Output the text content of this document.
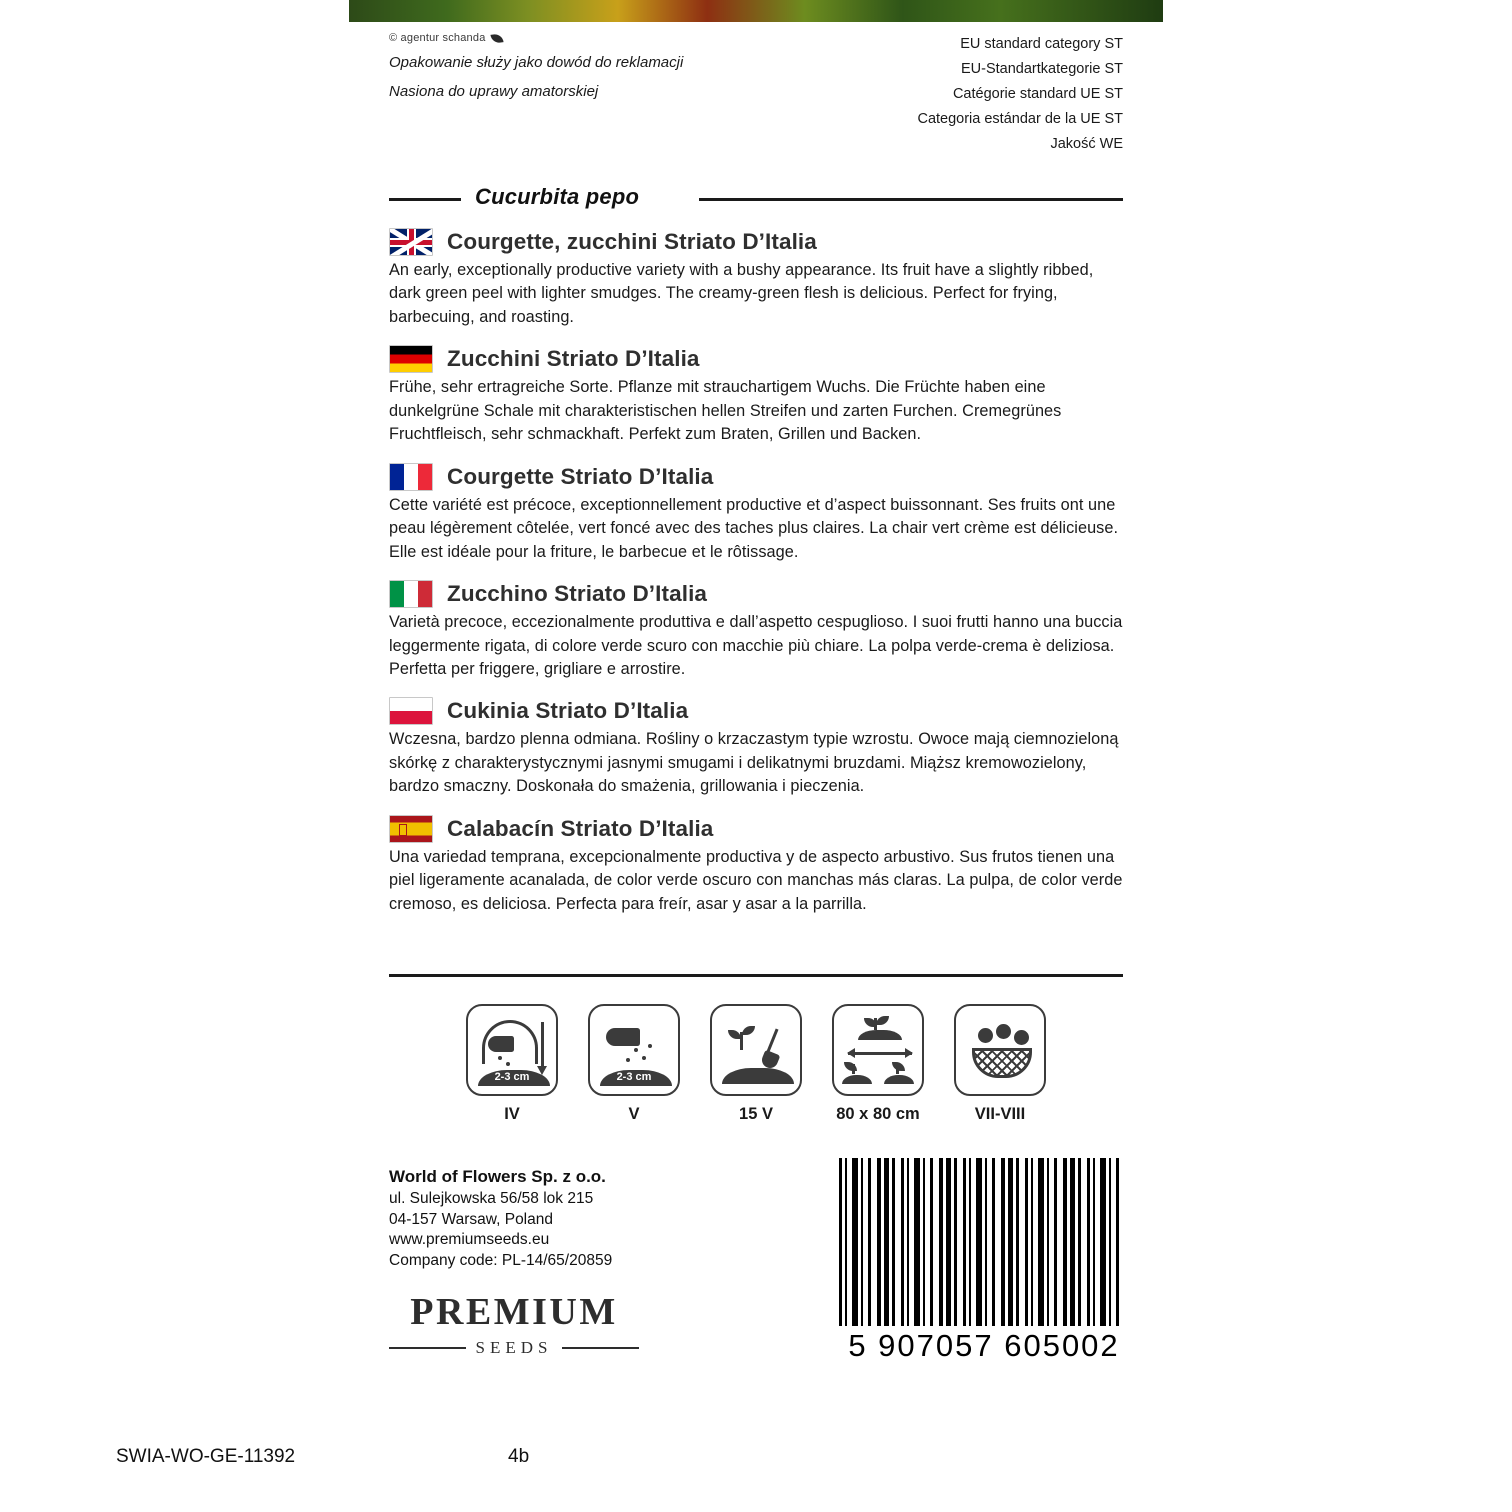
© agentur schanda

Opakowanie służy jako dowód do reklamacji

Nasiona do uprawy amatorskiej

EU standard category ST
EU-Standartkategorie ST
Catégorie standard UE ST
Categoria estándar de la UE ST
Jakość WE
Cucurbita pepo
Courgette, zucchini Striato D’Italia
An early, exceptionally productive variety with a bushy appearance. Its fruit have a slightly ribbed, dark green peel with lighter smudges. The creamy-green flesh is delicious. Perfect for frying, barbecuing, and roasting.
Zucchini Striato D’Italia
Frühe, sehr ertragreiche Sorte. Pflanze mit strauchartigem Wuchs. Die Früchte haben eine dunkelgrüne Schale mit charakteristischen hellen Streifen und zarten Furchen. Cremegrünes Fruchtfleisch, sehr schmackhaft. Perfekt zum Braten, Grillen und Backen.
Courgette Striato D’Italia
Cette variété est précoce, exceptionnellement productive et d’aspect buissonnant. Ses fruits ont une peau légèrement côtelée, vert foncé avec des taches plus claires. La chair vert crème est délicieuse. Elle est idéale pour la friture, le barbecue et le rôtissage.
Zucchino Striato D’Italia
Varietà precoce, eccezionalmente produttiva e dall’aspetto cespuglioso. I suoi frutti hanno una buccia leggermente rigata, di colore verde scuro con macchie più chiare. La polpa verde-crema è deliziosa. Perfetta per friggere, grigliare e arrostire.
Cukinia Striato D’Italia
Wczesna, bardzo plenna odmiana. Rośliny o krzaczastym typie wzrostu. Owoce mają ciemnozieloną skórkę z charakterystycznymi jasnymi smugami i delikatnymi bruzdami. Miąższ kremowozielony, bardzo smaczny. Doskonała do smażenia, grillowania i pieczenia.
Calabacín Striato D’Italia
Una variedad temprana, excepcionalmente productiva y de aspecto arbustivo. Sus frutos tienen una piel ligeramente acanalada, de color verde oscuro con manchas más claras. La pulpa, de color verde cremoso, es deliciosa. Perfecta para freír, asar y asar a la parrilla.
2-3 cm
IV
2-3 cm
V	15 V	80 x 80 cm	VII-VIII
World of Flowers Sp. z o.o.
ul. Sulejkowska 56/58 lok 215
04-157 Warsaw, Poland
www.premiumseeds.eu
Company code: PL-14/65/20859
PREMIUM
SEEDS	5 907057 605002
SWIA-WO-GE-11392	4b
